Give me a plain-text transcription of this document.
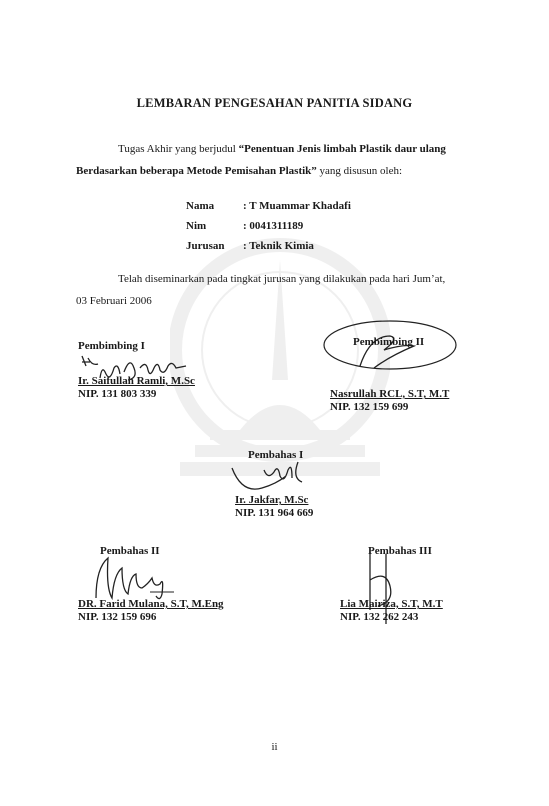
LEMBARAN PENGESAHAN PANITIA SIDANG
Tugas Akhir yang berjudul “Penentuan Jenis limbah Plastik daur ulang
Berdasarkan beberapa Metode Pemisahan Plastik” yang disusun oleh:
Nama	: T Muammar Khadafi
Nim	: 0041311189
Jurusan : Teknik Kimia
Telah diseminarkan pada tingkat jurusan yang dilakukan pada hari Jum’at,
03 Februari 2006
Pembimbing I
Ir. Saifullah Ramli, M.Sc
NIP. 131 803 339
Pembimbing II
Nasrullah RCL, S.T, M.T
NIP. 132 159 699
Pembahas I
Ir. Jakfar, M.Sc
NIP. 131 964 669
Pembahas II
DR. Farid Mulana, S.T, M.Eng
NIP. 132 159 696
Pembahas III
Lia Mairiza, S.T, M.T
NIP. 132 262 243
ii
